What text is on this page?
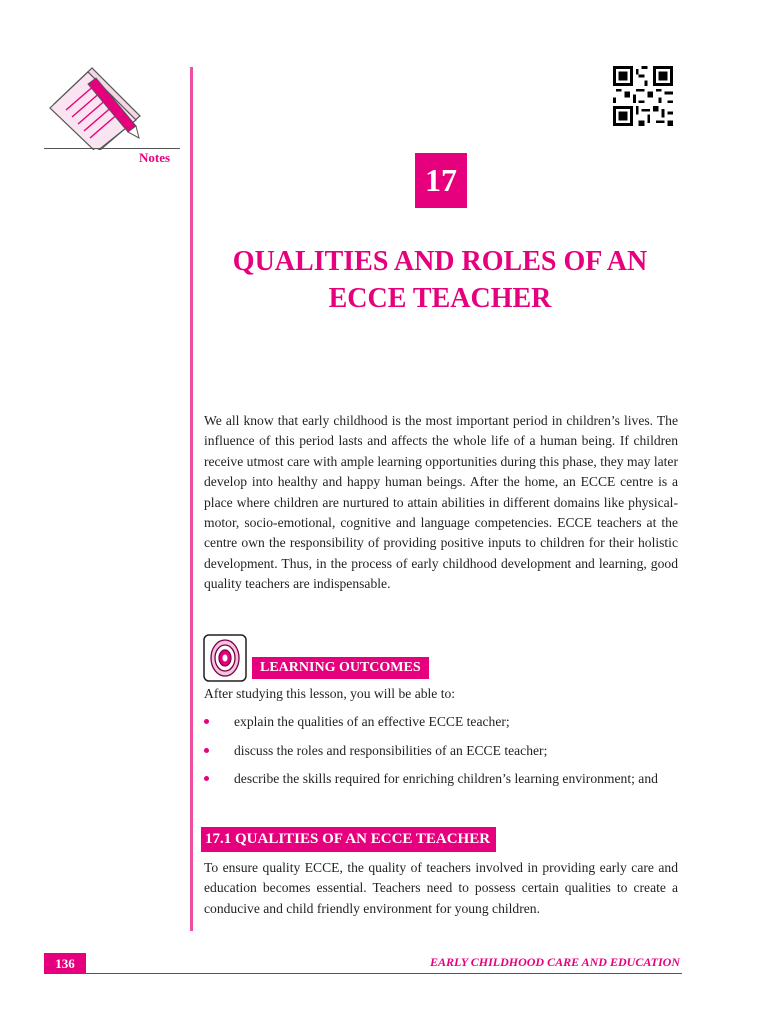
Notes
17
QUALITIES AND ROLES OF AN
ECCE TEACHER
We all know that early childhood is the most important period in children’s lives. The influence of this period lasts and affects the whole life of a human being. If children receive utmost care with ample learning opportunities during this phase, they may later develop into healthy and happy human beings. After the home, an ECCE centre is a place where children are nurtured to attain abilities in different domains like physical-motor, socio-emotional, cognitive and language competencies. ECCE teachers at the centre own the responsibility of providing positive inputs to children for their holistic development. Thus, in the process of early childhood development and learning, good quality teachers are indispensable.
LEARNING OUTCOMES
After studying this lesson, you will be able to:
explain the qualities of an effective ECCE teacher;
discuss the roles and responsibilities of an ECCE teacher;
describe the skills required for enriching children’s learning environment; and
17.1 QUALITIES OF AN ECCE TEACHER
To ensure quality ECCE, the quality of teachers involved in providing early care and education becomes essential. Teachers need to possess certain qualities to create a conducive and child friendly environment for young children.
136	EARLY CHILDHOOD CARE AND EDUCATION
